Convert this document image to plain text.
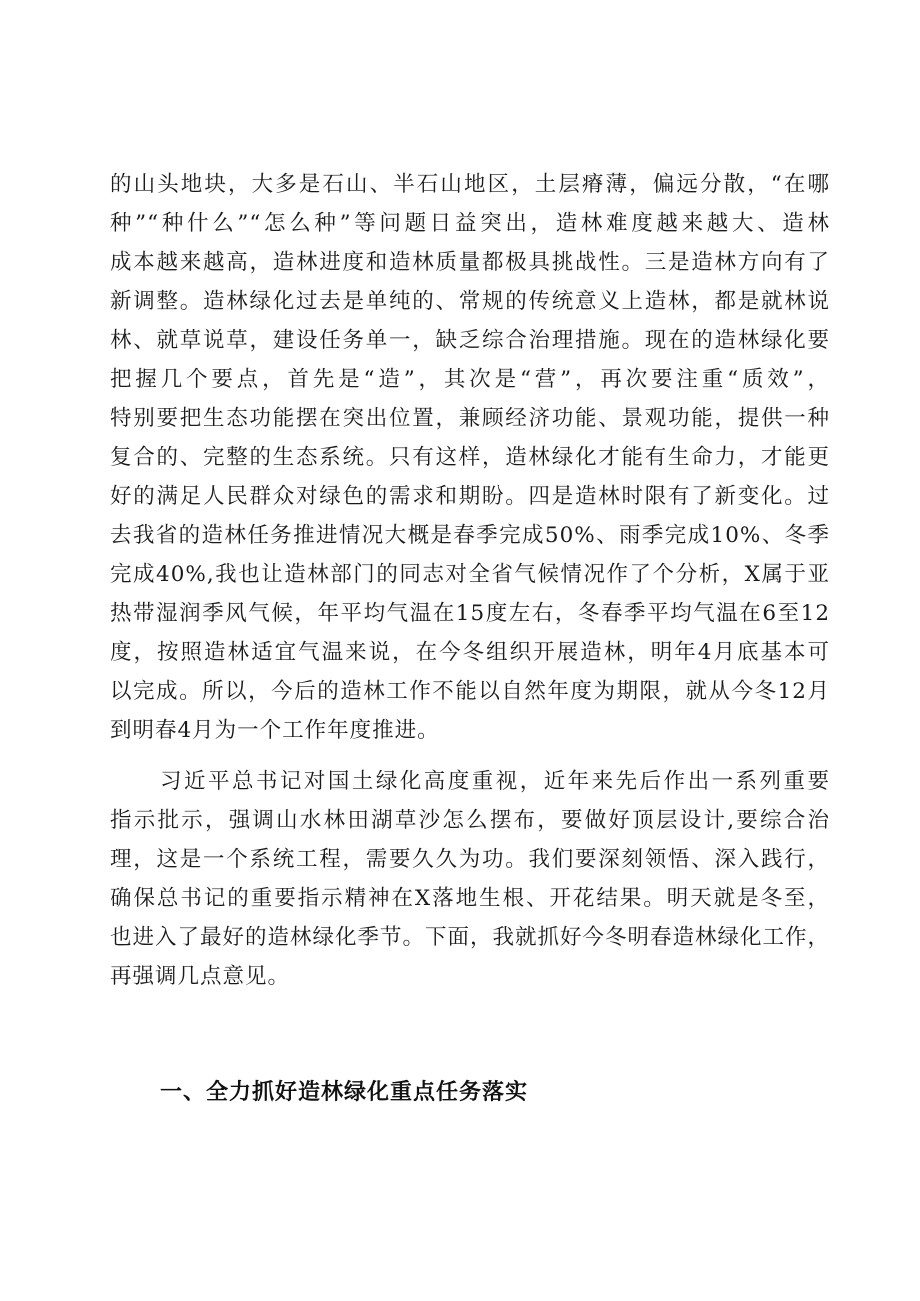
的山头地块，大多是石山、半石山地区，土层瘠薄，偏远分散，“在哪
种”“种什么”“怎么种”等问题日益突出，造林难度越来越大、造林
成本越来越高，造林进度和造林质量都极具挑战性。三是造林方向有了
新调整。造林绿化过去是单纯的、常规的传统意义上造林，都是就林说
林、就草说草，建设任务单一，缺乏综合治理措施。现在的造林绿化要
把握几个要点，首先是“造”，其次是“营”，再次要注重“质效”，
特别要把生态功能摆在突出位置，兼顾经济功能、景观功能，提供一种
复合的、完整的生态系统。只有这样，造林绿化才能有生命力，才能更
好的满足人民群众对绿色的需求和期盼。四是造林时限有了新变化。过
去我省的造林任务推进情况大概是春季完成50%、雨季完成10%、冬季
完成40%,我也让造林部门的同志对全省气候情况作了个分析，X属于亚
热带湿润季风气候，年平均气温在15度左右，冬春季平均气温在6至12
度，按照造林适宜气温来说，在今冬组织开展造林，明年4月底基本可
以完成。所以，今后的造林工作不能以自然年度为期限，就从今冬12月
到明春4月为一个工作年度推进。
习近平总书记对国土绿化高度重视，近年来先后作出一系列重要
指示批示，强调山水林田湖草沙怎么摆布，要做好顶层设计,要综合治
理，这是一个系统工程，需要久久为功。我们要深刻领悟、深入践行，
确保总书记的重要指示精神在X落地生根、开花结果。明天就是冬至，
也进入了最好的造林绿化季节。下面，我就抓好今冬明春造林绿化工作，
再强调几点意见。
一、全力抓好造林绿化重点任务落实
